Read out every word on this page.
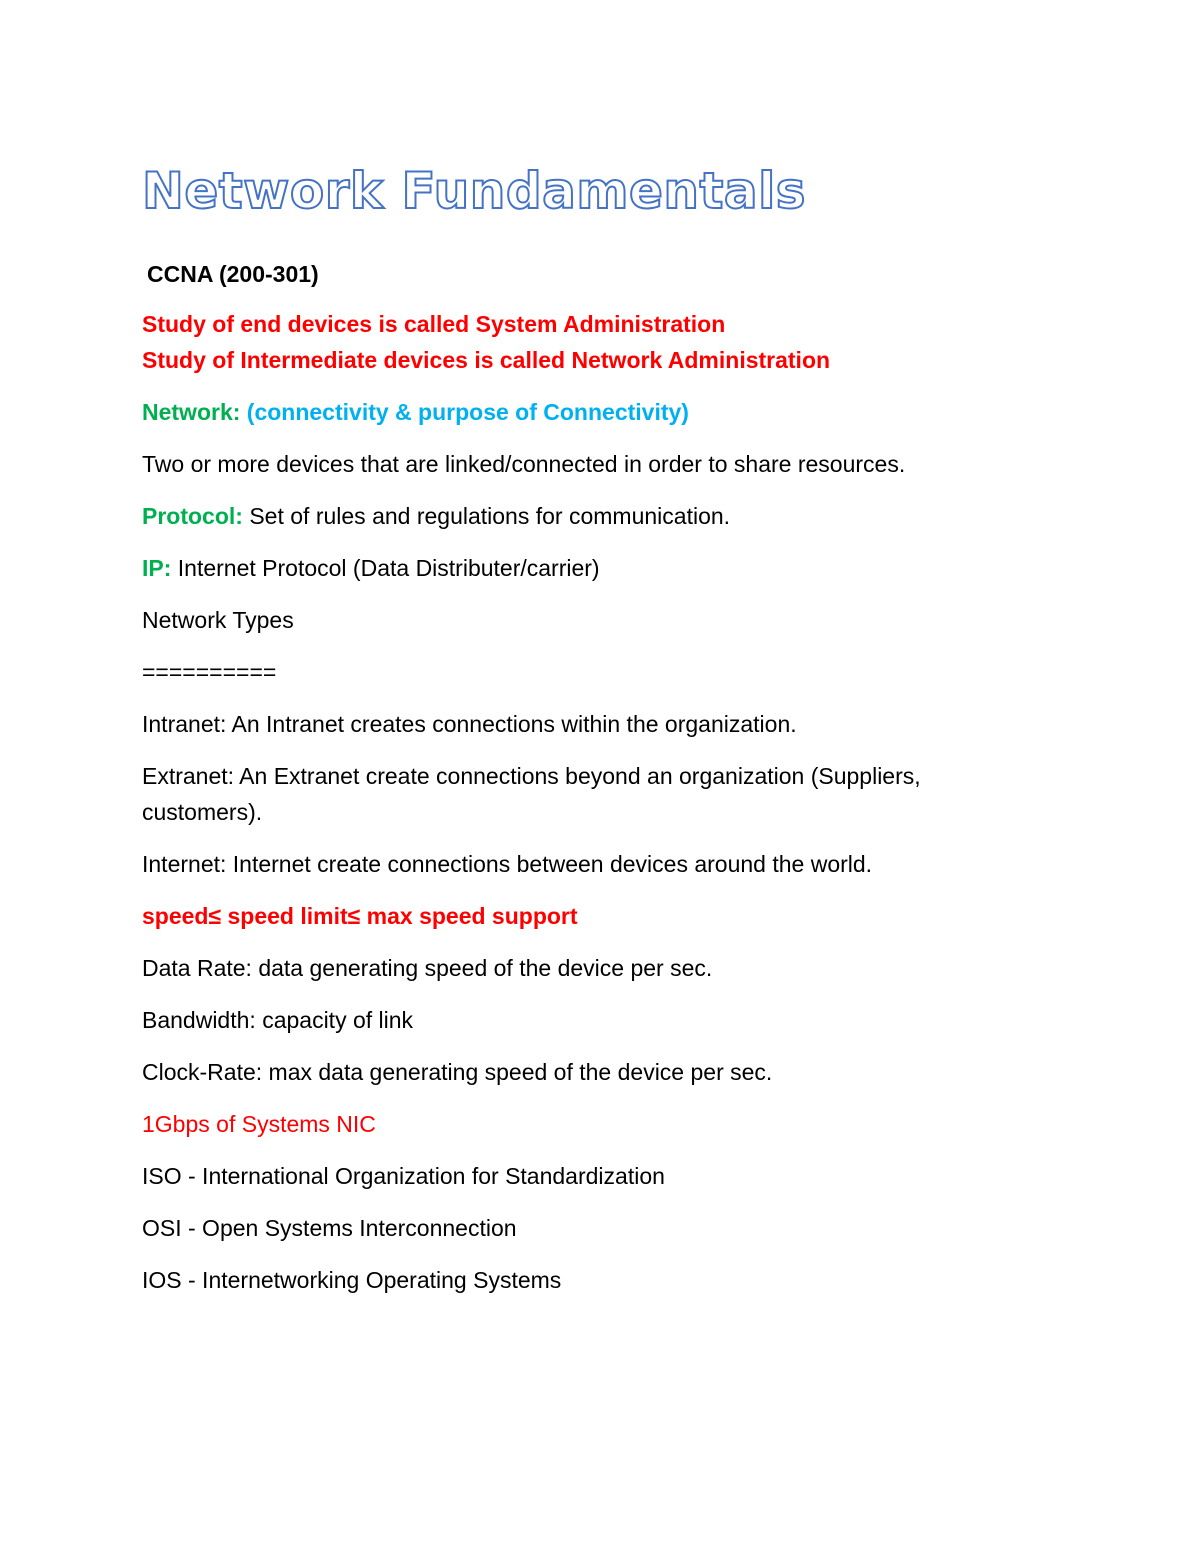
Network Fundamentals

CCNA (200-301)

Study of end devices is called System Administration

Study of Intermediate devices is called Network Administration

Network: (connectivity & purpose of Connectivity)

Two or more devices that are linked/connected in order to share resources.

Protocol: Set of rules and regulations for communication.

IP: Internet Protocol (Data Distributer/carrier)

Network Types

==========

Intranet: An Intranet creates connections within the organization.

Extranet: An Extranet create connections beyond an organization (Suppliers, customers).

Internet: Internet create connections between devices around the world.

speed≤ speed limit≤ max speed support

Data Rate: data generating speed of the device per sec.

Bandwidth: capacity of link

Clock-Rate: max data generating speed of the device per sec.

1Gbps of Systems NIC

ISO - International Organization for Standardization

OSI - Open Systems Interconnection

IOS - Internetworking Operating Systems
